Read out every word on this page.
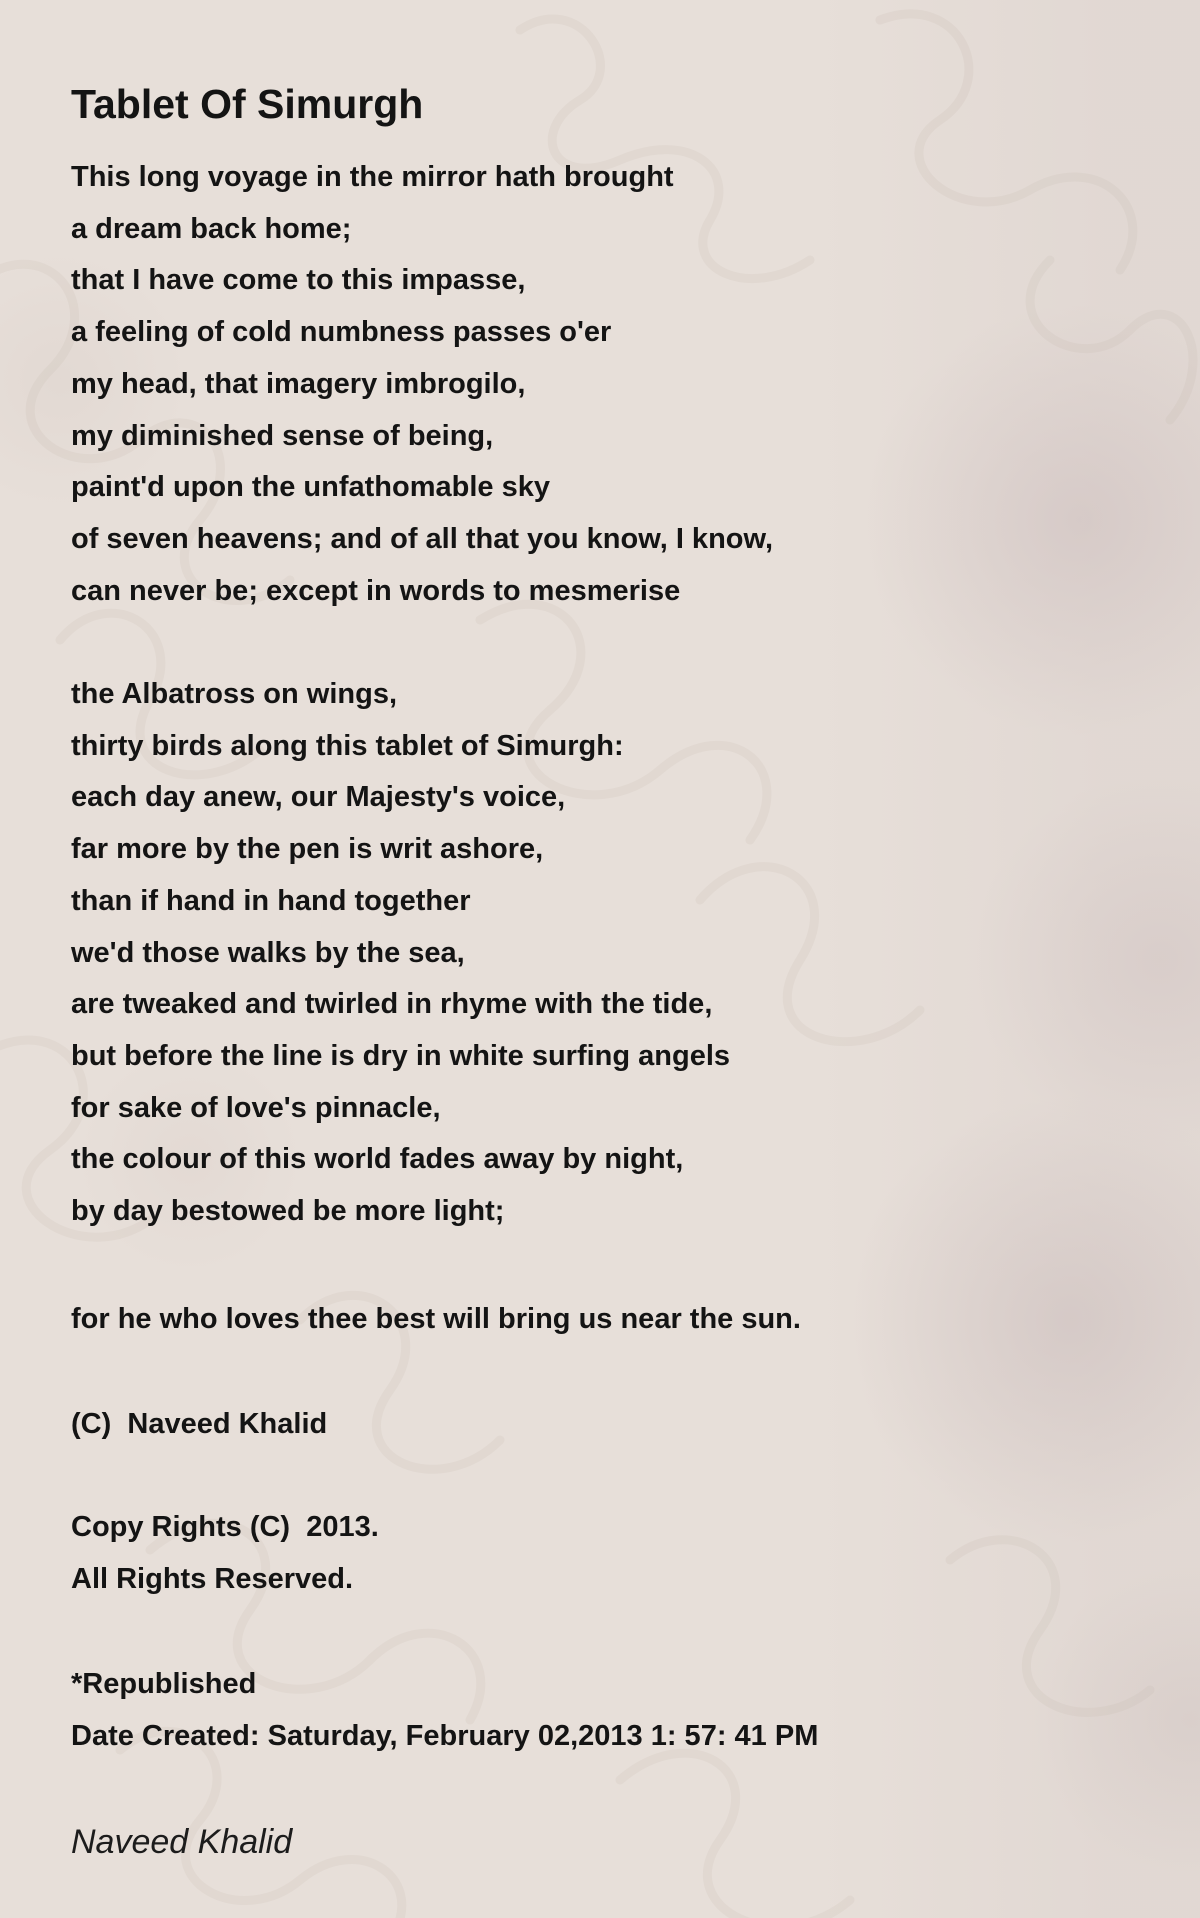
Tablet Of Simurgh
This long voyage in the mirror hath brought
a dream back home;
that I have come to this impasse,
a feeling of cold numbness passes o'er
my head, that imagery imbrogilo,
my diminished sense of being,
paint'd upon the unfathomable sky
of seven heavens; and of all that you know, I know,
can never be; except in words to mesmerise
the Albatross on wings,
thirty birds along this tablet of Simurgh:
each day anew, our Majesty's voice,
far more by the pen is writ ashore,
than if hand in hand together
we'd those walks by the sea,
are tweaked and twirled in rhyme with the tide,
but before the line is dry in white surfing angels
for sake of love's pinnacle,
the colour of this world fades away by night,
by day bestowed be more light;
for he who loves thee best will bring us near the sun.
(C)  Naveed Khalid
Copy Rights (C)  2013.
All Rights Reserved.
*Republished
Date Created: Saturday, February 02,2013 1: 57: 41 PM
Naveed Khalid
